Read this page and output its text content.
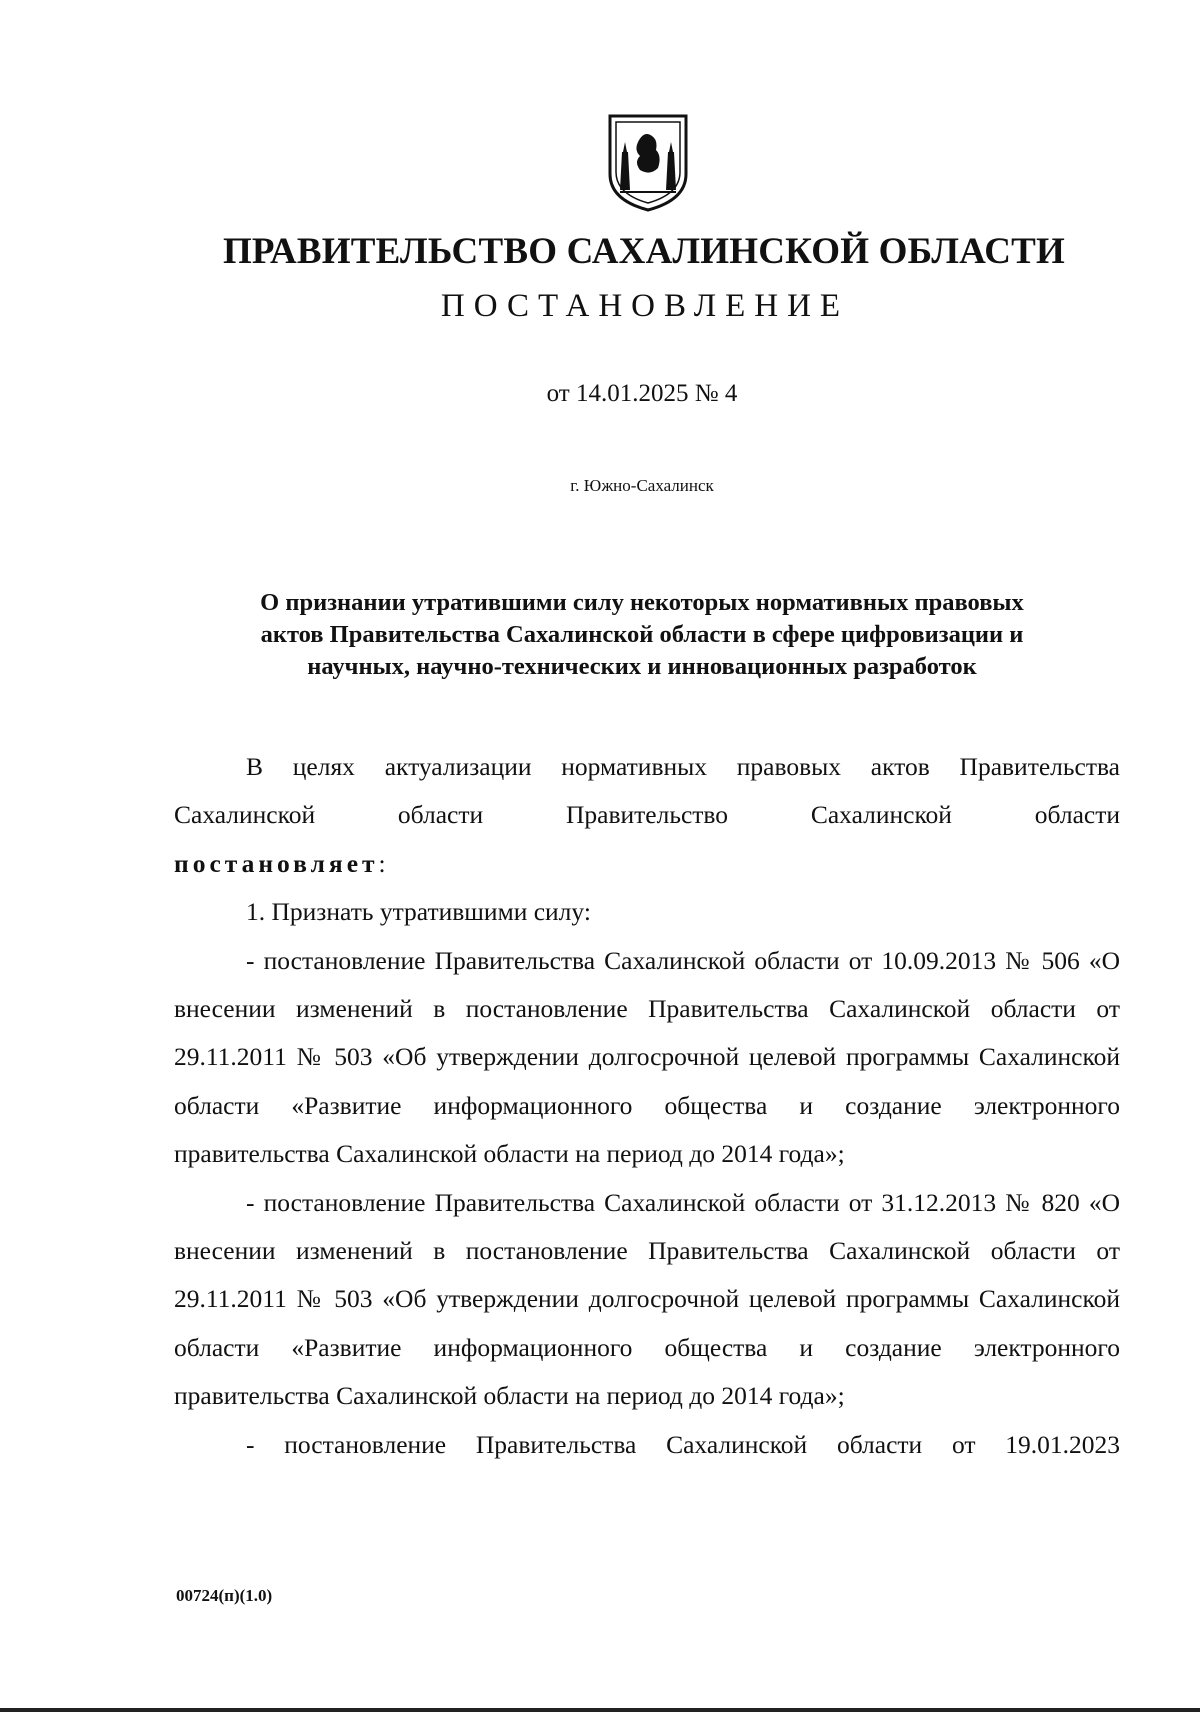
ПРАВИТЕЛЬСТВО САХАЛИНСКОЙ ОБЛАСТИ
ПОСТАНОВЛЕНИЕ
от 14.01.2025 № 4
г. Южно-Сахалинск
О признании утратившими силу некоторых нормативных правовых
актов Правительства Сахалинской области в сфере цифровизации и
научных, научно-технических и инновационных разработок

В целях актуализации нормативных правовых актов Правительства Сахалинской области Правительство Сахалинской области

постановляет:

1. Признать утратившими силу:

- постановление Правительства Сахалинской области от 10.09.2013 № 506 «О внесении изменений в постановление Правительства Сахалинской области от 29.11.2011 № 503 «Об утверждении долгосрочной целевой программы Сахалинской области «Развитие информационного общества и создание электронного правительства Сахалинской области на период до 2014 года»;

- постановление Правительства Сахалинской области от 31.12.2013 № 820 «О внесении изменений в постановление Правительства Сахалинской области от 29.11.2011 № 503 «Об утверждении долгосрочной целевой программы Сахалинской области «Развитие информационного общества и создание электронного правительства Сахалинской области на период до 2014 года»;

- постановление Правительства Сахалинской области от 19.01.2023

00724(п)(1.0)
